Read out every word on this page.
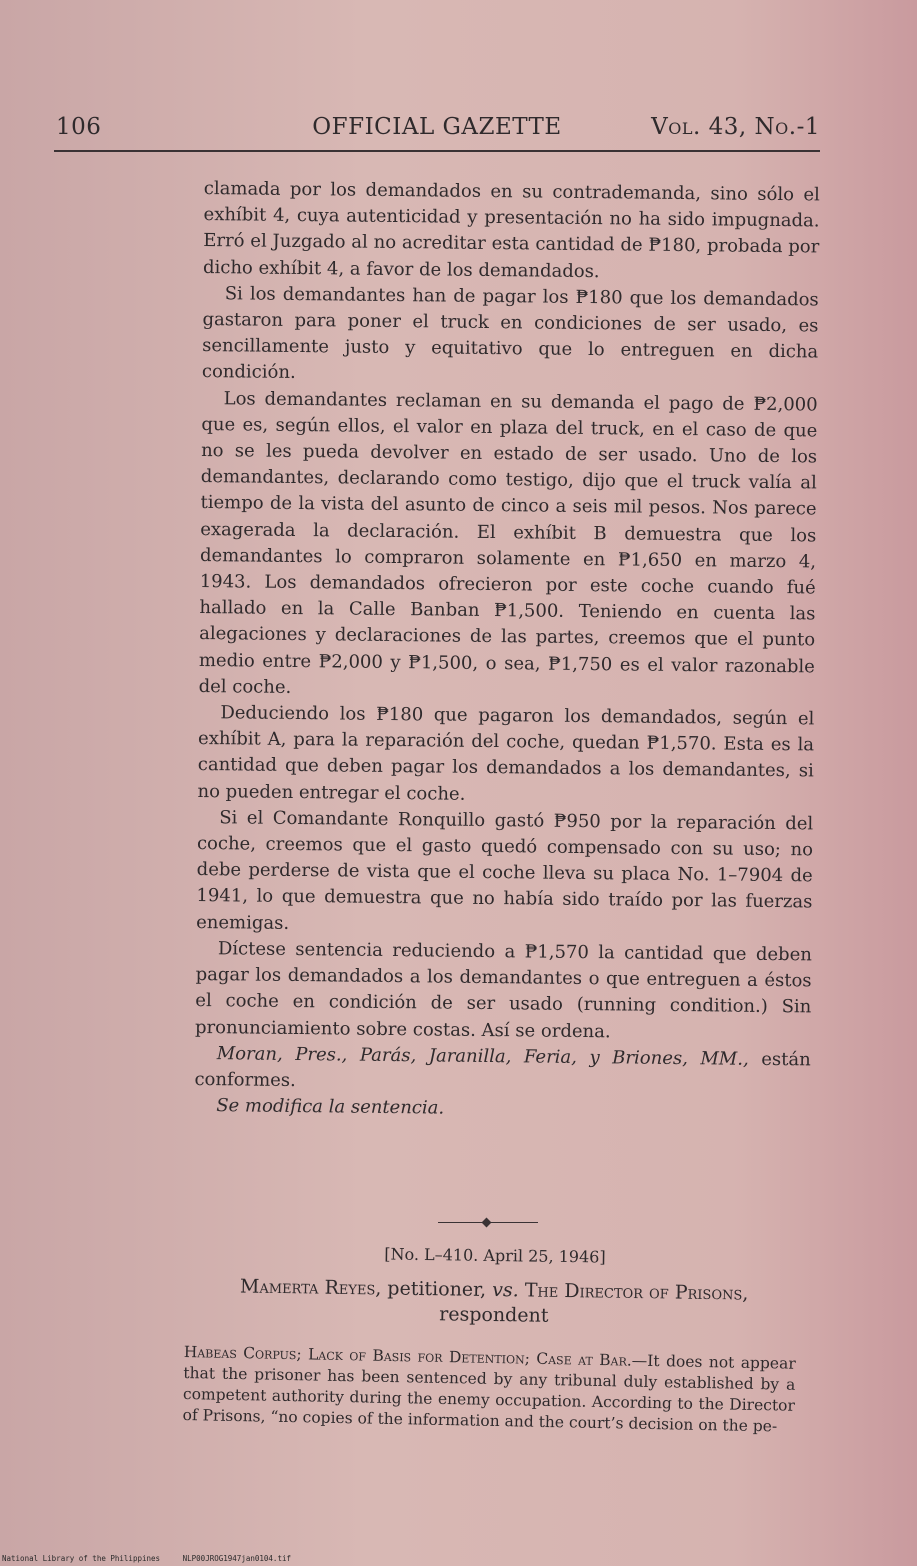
106	OFFICIAL GAZETTE	Vol. 43, No.-1

clamada por los demandados en su contrademanda, sino sólo el exhíbit 4, cuya autenticidad y presentación no ha sido impugnada. Erró el Juzgado al no acreditar esta cantidad de ₱180, probada por dicho exhíbit 4, a favor de los demandados.

Si los demandantes han de pagar los ₱180 que los demandados gastaron para poner el truck en condiciones de ser usado, es sencillamente justo y equitativo que lo entreguen en dicha condición.

Los demandantes reclaman en su demanda el pago de ₱2,000 que es, según ellos, el valor en plaza del truck, en el caso de que no se les pueda devolver en estado de ser usado. Uno de los demandantes, declarando como testigo, dijo que el truck valía al tiempo de la vista del asunto de cinco a seis mil pesos. Nos parece exagerada la declaración. El exhíbit B demuestra que los demandantes lo compraron solamente en ₱1,650 en marzo 4, 1943. Los demandados ofrecieron por este coche cuando fué hallado en la Calle Banban ₱1,500. Teniendo en cuenta las alegaciones y declaraciones de las partes, creemos que el punto medio entre ₱2,000 y ₱1,500, o sea, ₱1,750 es el valor razonable del coche.

Deduciendo los ₱180 que pagaron los demandados, según el exhíbit A, para la reparación del coche, quedan ₱1,570. Esta es la cantidad que deben pagar los demandados a los demandantes, si no pueden entregar el coche.

Si el Comandante Ronquillo gastó ₱950 por la reparación del coche, creemos que el gasto quedó compensado con su uso; no debe perderse de vista que el coche lleva su placa No. 1–7904 de 1941, lo que demuestra que no había sido traído por las fuerzas enemigas.

Díctese sentencia reduciendo a ₱1,570 la cantidad que deben pagar los demandados a los demandantes o que entreguen a éstos el coche en condición de ser usado (running condition.) Sin pronunciamiento sobre costas. Así se ordena.

Moran, Pres., Parás, Jaranilla, Feria, y Briones, MM., están conformes.

Se modifica la sentencia.

[No. L–410. April 25, 1946]
Mamerta Reyes, petitioner, vs. The Director of Prisons, respondent
Habeas Corpus; Lack of Basis for Detention; Case at Bar.—It does not appear that the prisoner has been sentenced by any tribunal duly established by a competent authority during the enemy occupation. According to the Director of Prisons, “no copies of the information and the court’s decision on the pe-
National Library of the Philippines     NLP00JROG1947jan0104.tif
